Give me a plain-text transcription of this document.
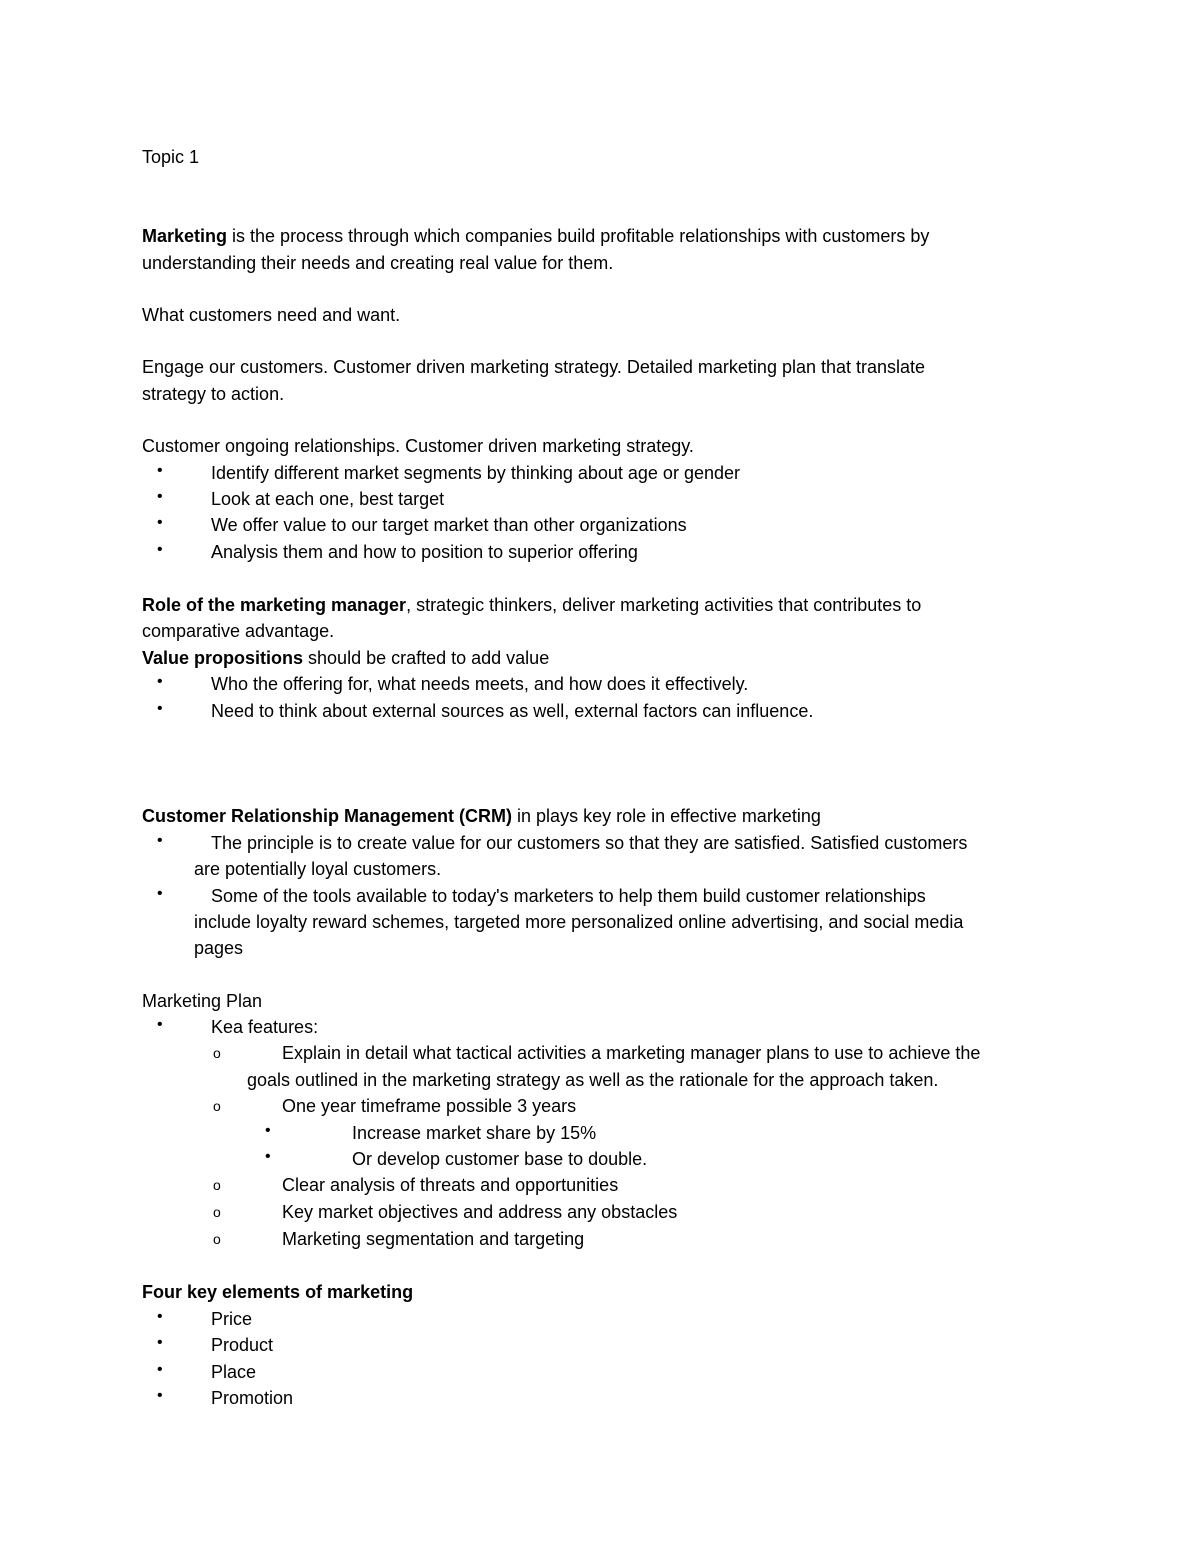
Topic 1
Marketing is the process through which companies build profitable relationships with customers by
understanding their needs and creating real value for them.
What customers need and want.
Engage our customers. Customer driven marketing strategy. Detailed marketing plan that translate
strategy to action.
Customer ongoing relationships. Customer driven marketing strategy.
•	Identify different market segments by thinking about age or gender
•	Look at each one, best target
•	We offer value to our target market than other organizations
•	Analysis them and how to position to superior offering
Role of the marketing manager, strategic thinkers, deliver marketing activities that contributes to
comparative advantage.
Value propositions should be crafted to add value
•	Who the offering for, what needs meets, and how does it effectively.
•	Need to think about external sources as well, external factors can influence.
Customer Relationship Management (CRM) in plays key role in effective marketing
•	The principle is to create value for our customers so that they are satisfied. Satisfied customers
are potentially loyal customers.
•	Some of the tools available to today's marketers to help them build customer relationships
include loyalty reward schemes, targeted more personalized online advertising, and social media
pages
Marketing Plan
•	Kea features:
o	Explain in detail what tactical activities a marketing manager plans to use to achieve the
goals outlined in the marketing strategy as well as the rationale for the approach taken.
o	One year timeframe possible 3 years
•	Increase market share by 15%
•	Or develop customer base to double.
o	Clear analysis of threats and opportunities
o	Key market objectives and address any obstacles
o	Marketing segmentation and targeting
Four key elements of marketing
•	Price
•	Product
•	Place
•	Promotion
